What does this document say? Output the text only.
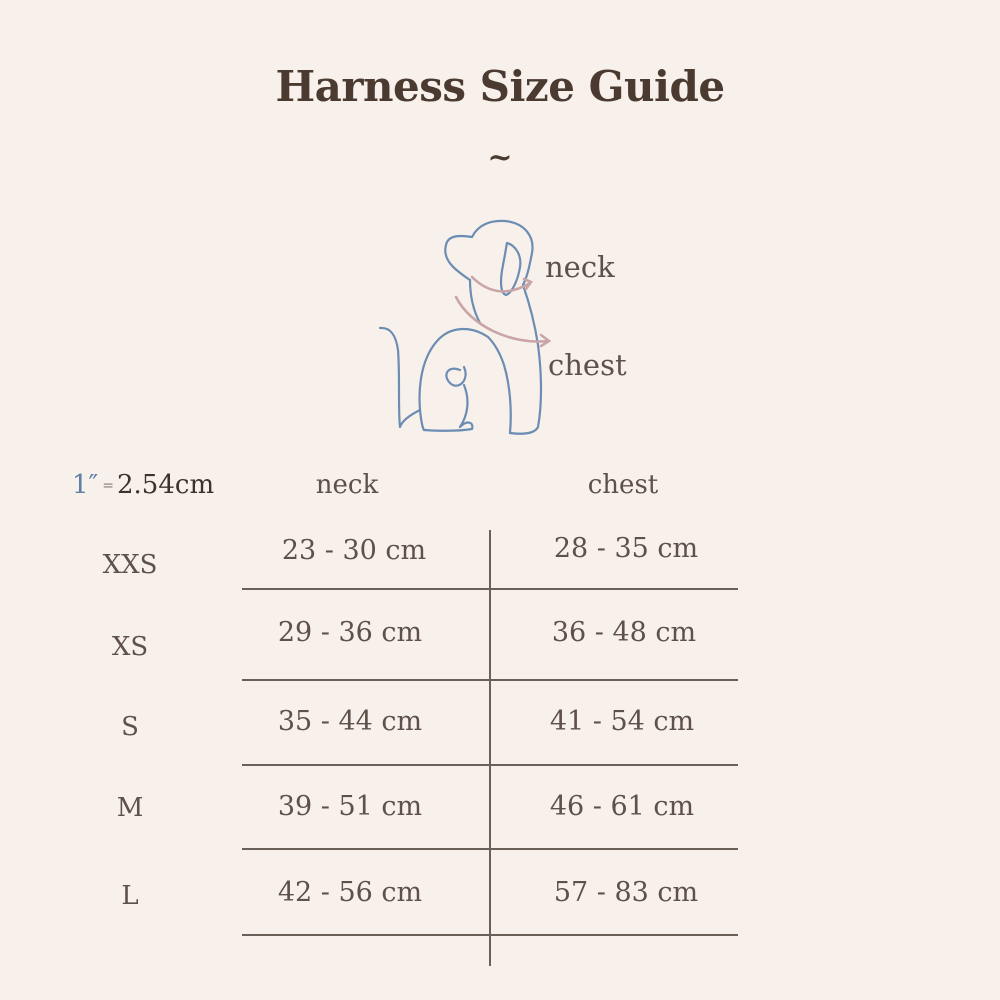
Harness Size Guide
~
neck
chest
1″ = 2.54cm	neck	chest
XXS	23 - 30 cm	28 - 35 cm
XS	29 - 36 cm	36 - 48 cm
S	35 - 44 cm	41 - 54 cm
M	39 - 51 cm	46 - 61 cm
L	42 - 56 cm	57 - 83 cm
